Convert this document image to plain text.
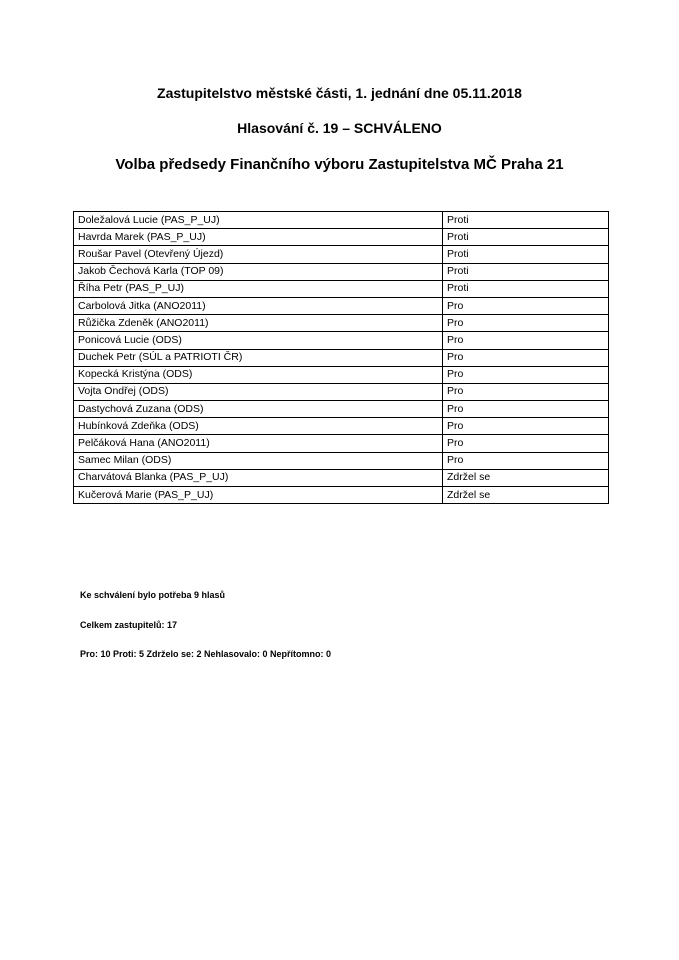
Zastupitelstvo městské části, 1. jednání dne 05.11.2018
Hlasování č. 19 – SCHVÁLENO
Volba předsedy Finančního výboru Zastupitelstva MČ Praha 21
Doležalová Lucie (PAS_P_UJ)	Proti
Havrda Marek (PAS_P_UJ)	Proti
Roušar Pavel (Otevřený Újezd)	Proti
Jakob Čechová Karla (TOP 09)	Proti
Říha Petr (PAS_P_UJ)	Proti
Carbolová Jitka (ANO2011)	Pro
Růžička Zdeněk (ANO2011)	Pro
Ponicová Lucie (ODS)	Pro
Duchek Petr (SÚL a PATRIOTI ČR)	Pro
Kopecká Kristýna (ODS)	Pro
Vojta Ondřej (ODS)	Pro
Dastychová Zuzana (ODS)	Pro
Hubínková Zdeňka (ODS)	Pro
Pelčáková Hana (ANO2011)	Pro
Samec Milan (ODS)	Pro
Charvátová Blanka (PAS_P_UJ)	Zdržel se
Kučerová Marie (PAS_P_UJ)	Zdržel se
Ke schválení bylo potřeba 9 hlasů
Celkem zastupitelů: 17
Pro: 10 Proti: 5 Zdrželo se: 2 Nehlasovalo: 0 Nepřítomno: 0
